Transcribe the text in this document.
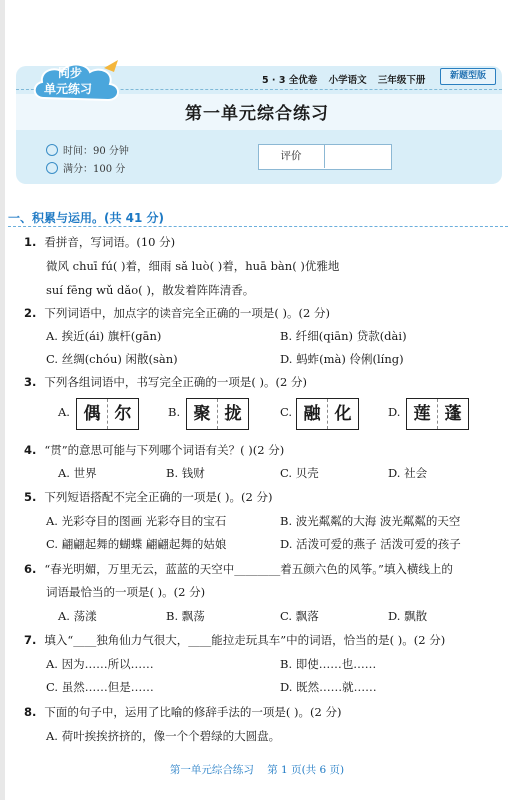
同步
单元练习
5 · 3 全优卷 小学语文 三年级下册	新题型版
第一单元综合练习
时间：90 分钟
满分：100 分
评价
一、积累与运用。(共 41 分)
1. 看拼音，写词语。(10 分)
微风 chuī fú( )着，细雨 sǎ luò( )着，huā bàn( )优雅地
suí fēng wǔ dǎo( )，散发着阵阵清香。
2. 下列词语中，加点字的读音完全正确的一项是( )。(2 分)
A. 挨近(ái) 旗杆(gān)	B. 纤细(qiān) 贷款(dài)
C. 丝绸(chóu) 闲散(sàn)	D. 蚂蚱(mà) 伶俐(líng)
3. 下列各组词语中，书写完全正确的一项是( )。(2 分)
A. 偶 尔	B. 聚 拢	C. 融 化	D. 莲 蓬
4. “贯”的意思可能与下列哪个词语有关？( )(2 分)
A. 世界	B. 钱财	C. 贝壳	D. 社会
5. 下列短语搭配不完全正确的一项是( )。(2 分)
A. 光彩夺目的图画 光彩夺目的宝石	B. 波光粼粼的大海 波光粼粼的天空
C. 翩翩起舞的蝴蝶 翩翩起舞的姑娘	D. 活泼可爱的燕子 活泼可爱的孩子
6. “春光明媚，万里无云，蓝蓝的天空中________着五颜六色的风筝。”填入横线上的
词语最恰当的一项是( )。(2 分)
A. 荡漾	B. 飘荡	C. 飘落	D. 飘散
7. 填入“____独角仙力气很大，____能拉走玩具车”中的词语，恰当的是( )。(2 分)
A. 因为……所以……	B. 即使……也……
C. 虽然……但是……	D. 既然……就……
8. 下面的句子中，运用了比喻的修辞手法的一项是( )。(2 分)
A. 荷叶挨挨挤挤的，像一个个碧绿的大圆盘。
第一单元综合练习    第 1 页(共 6 页)
